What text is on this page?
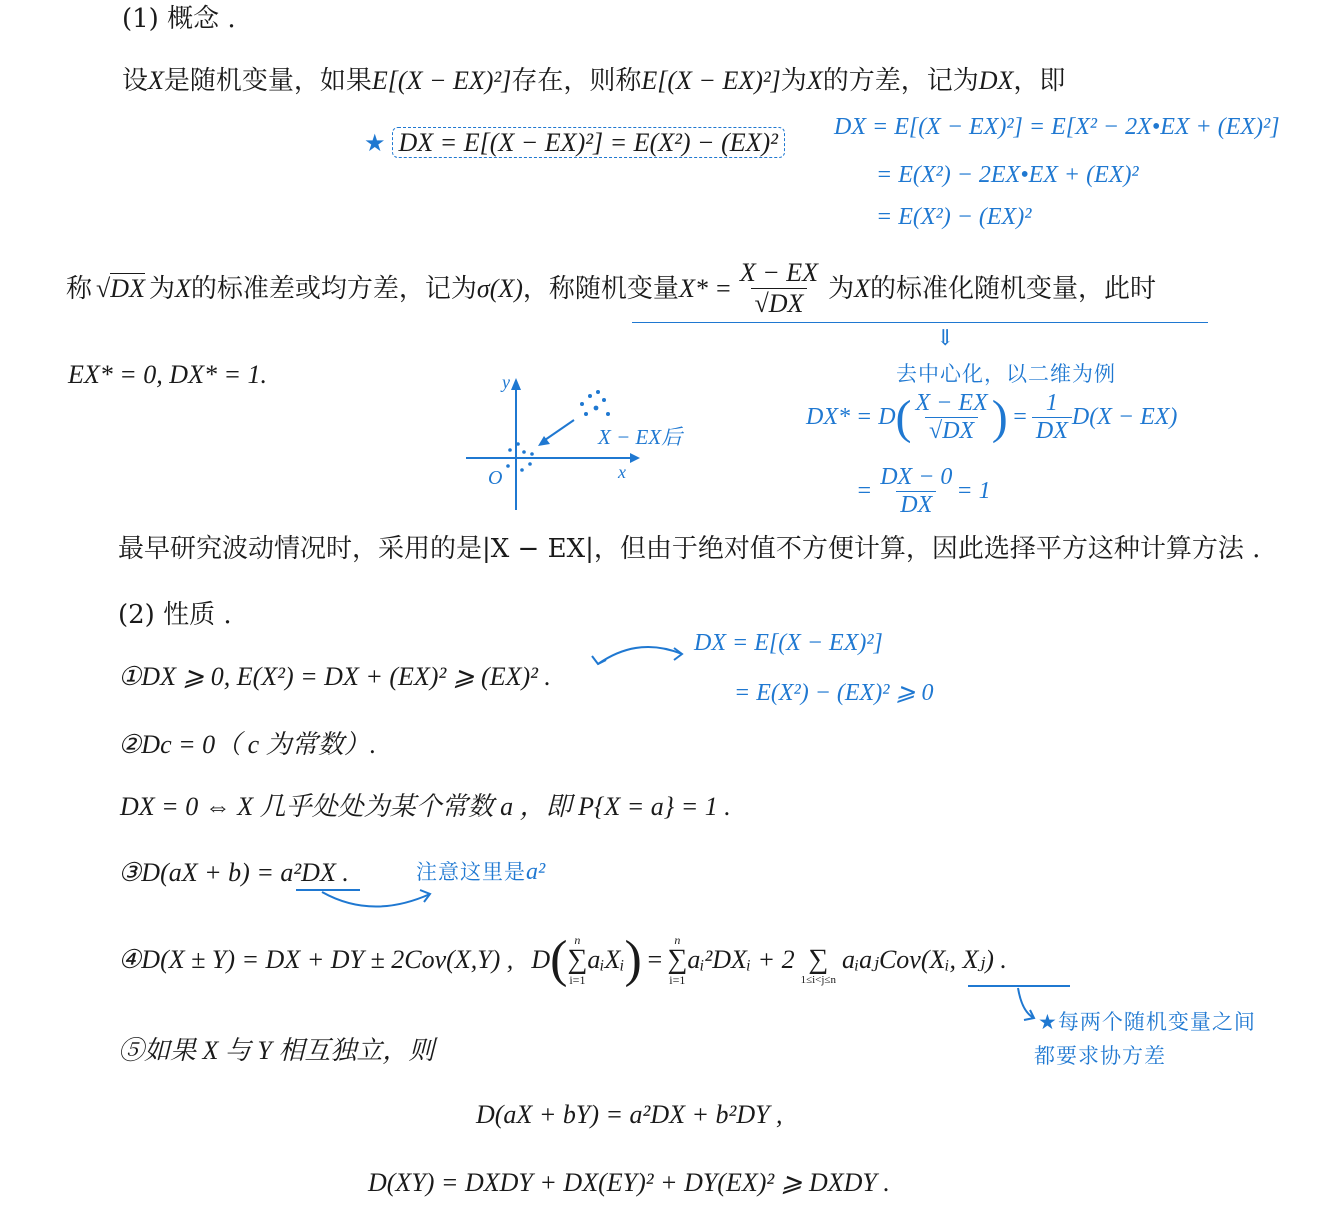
(1) 概念 .
设X是随机变量，如果E[(X − EX)²]存在，则称E[(X − EX)²]为X的方差，记为DX，即
★ DX = E[(X − EX)²] = E(X²) − (EX)²
DX = E[(X − EX)²] = E[X² − 2X•EX + (EX)²]
= E(X²) − 2EX•EX + (EX)²
= E(X²) − (EX)²
称 √ DX 为 X 的标准差或均方差，记为 σ(X) ，称随机变量 $X* = \frac{X - EX}{√DX}$ 为 X 的标准化随机变量，此时
EX* = 0, DX* = 1.
⇓
去中心化，以二维为例
y
x
O
X − EX后
DX* = D ( $\frac{X - EX}{√DX}$ ) = $\frac{1}{DX} D(X - EX)$
= $\frac{DX - 0}{DX} = 1$
最早研究波动情况时，采用的是|X − EX|，但由于绝对值不方便计算，因此选择平方这种计算方法 .
(2) 性质 .
①DX ⩾ 0, E(X²) = DX + (EX)² ⩾ (EX)² .
DX = E[(X − EX)²]
= E(X²) − (EX)² ⩾ 0
②Dc = 0（ c 为常数）.
DX = 0 ⇔ X 几乎处处为某个常数 a ，即 P{X = a} = 1 .
③D(aX + b) = a²DX .	注意这里是a²
④D(X ± Y) = DX + DY ± 2Cov(X,Y) , D ( n
∑
i=1
aᵢXᵢ ) =
n
∑
i=1
aᵢ²DXᵢ + 2
∑
1≤i<j≤n
aᵢaⱼCov(Xᵢ, Xⱼ) .
★每两个随机变量之间
都要求协方差
⑤如果 X 与 Y 相互独立，则
D(aX + bY) = a²DX + b²DY ,
D(XY) = DXDY + DX(EY)² + DY(EX)² ⩾ DXDY .
